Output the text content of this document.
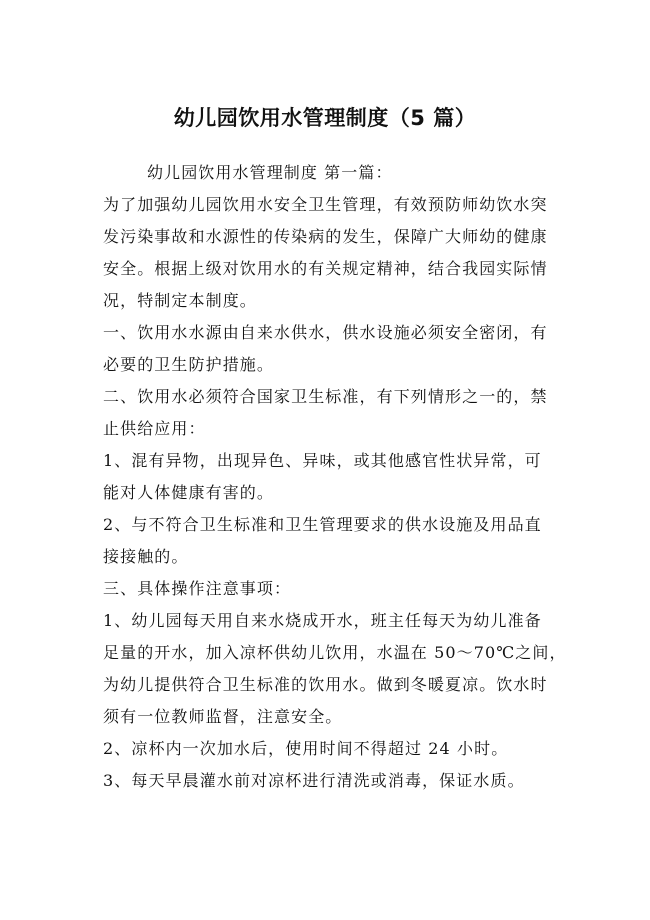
幼儿园饮用水管理制度（5 篇）

幼儿园饮用水管理制度 第一篇：

为了加强幼儿园饮用水安全卫生管理，有效预防师幼饮水突
发污染事故和水源性的传染病的发生，保障广大师幼的健康
安全。根据上级对饮用水的有关规定精神，结合我园实际情
况，特制定本制度。

一、饮用水水源由自来水供水，供水设施必须安全密闭，有
必要的卫生防护措施。

二、饮用水必须符合国家卫生标准，有下列情形之一的，禁
止供给应用：

1、混有异物，出现异色、异味，或其他感官性状异常，可
能对人体健康有害的。

2、与不符合卫生标准和卫生管理要求的供水设施及用品直
接接触的。

三、具体操作注意事项：

1、幼儿园每天用自来水烧成开水，班主任每天为幼儿准备
足量的开水，加入凉杯供幼儿饮用，水温在 50～70℃之间，
为幼儿提供符合卫生标准的饮用水。做到冬暖夏凉。饮水时
须有一位教师监督，注意安全。

2、凉杯内一次加水后，使用时间不得超过 24 小时。

3、每天早晨灌水前对凉杯进行清洗或消毒，保证水质。
